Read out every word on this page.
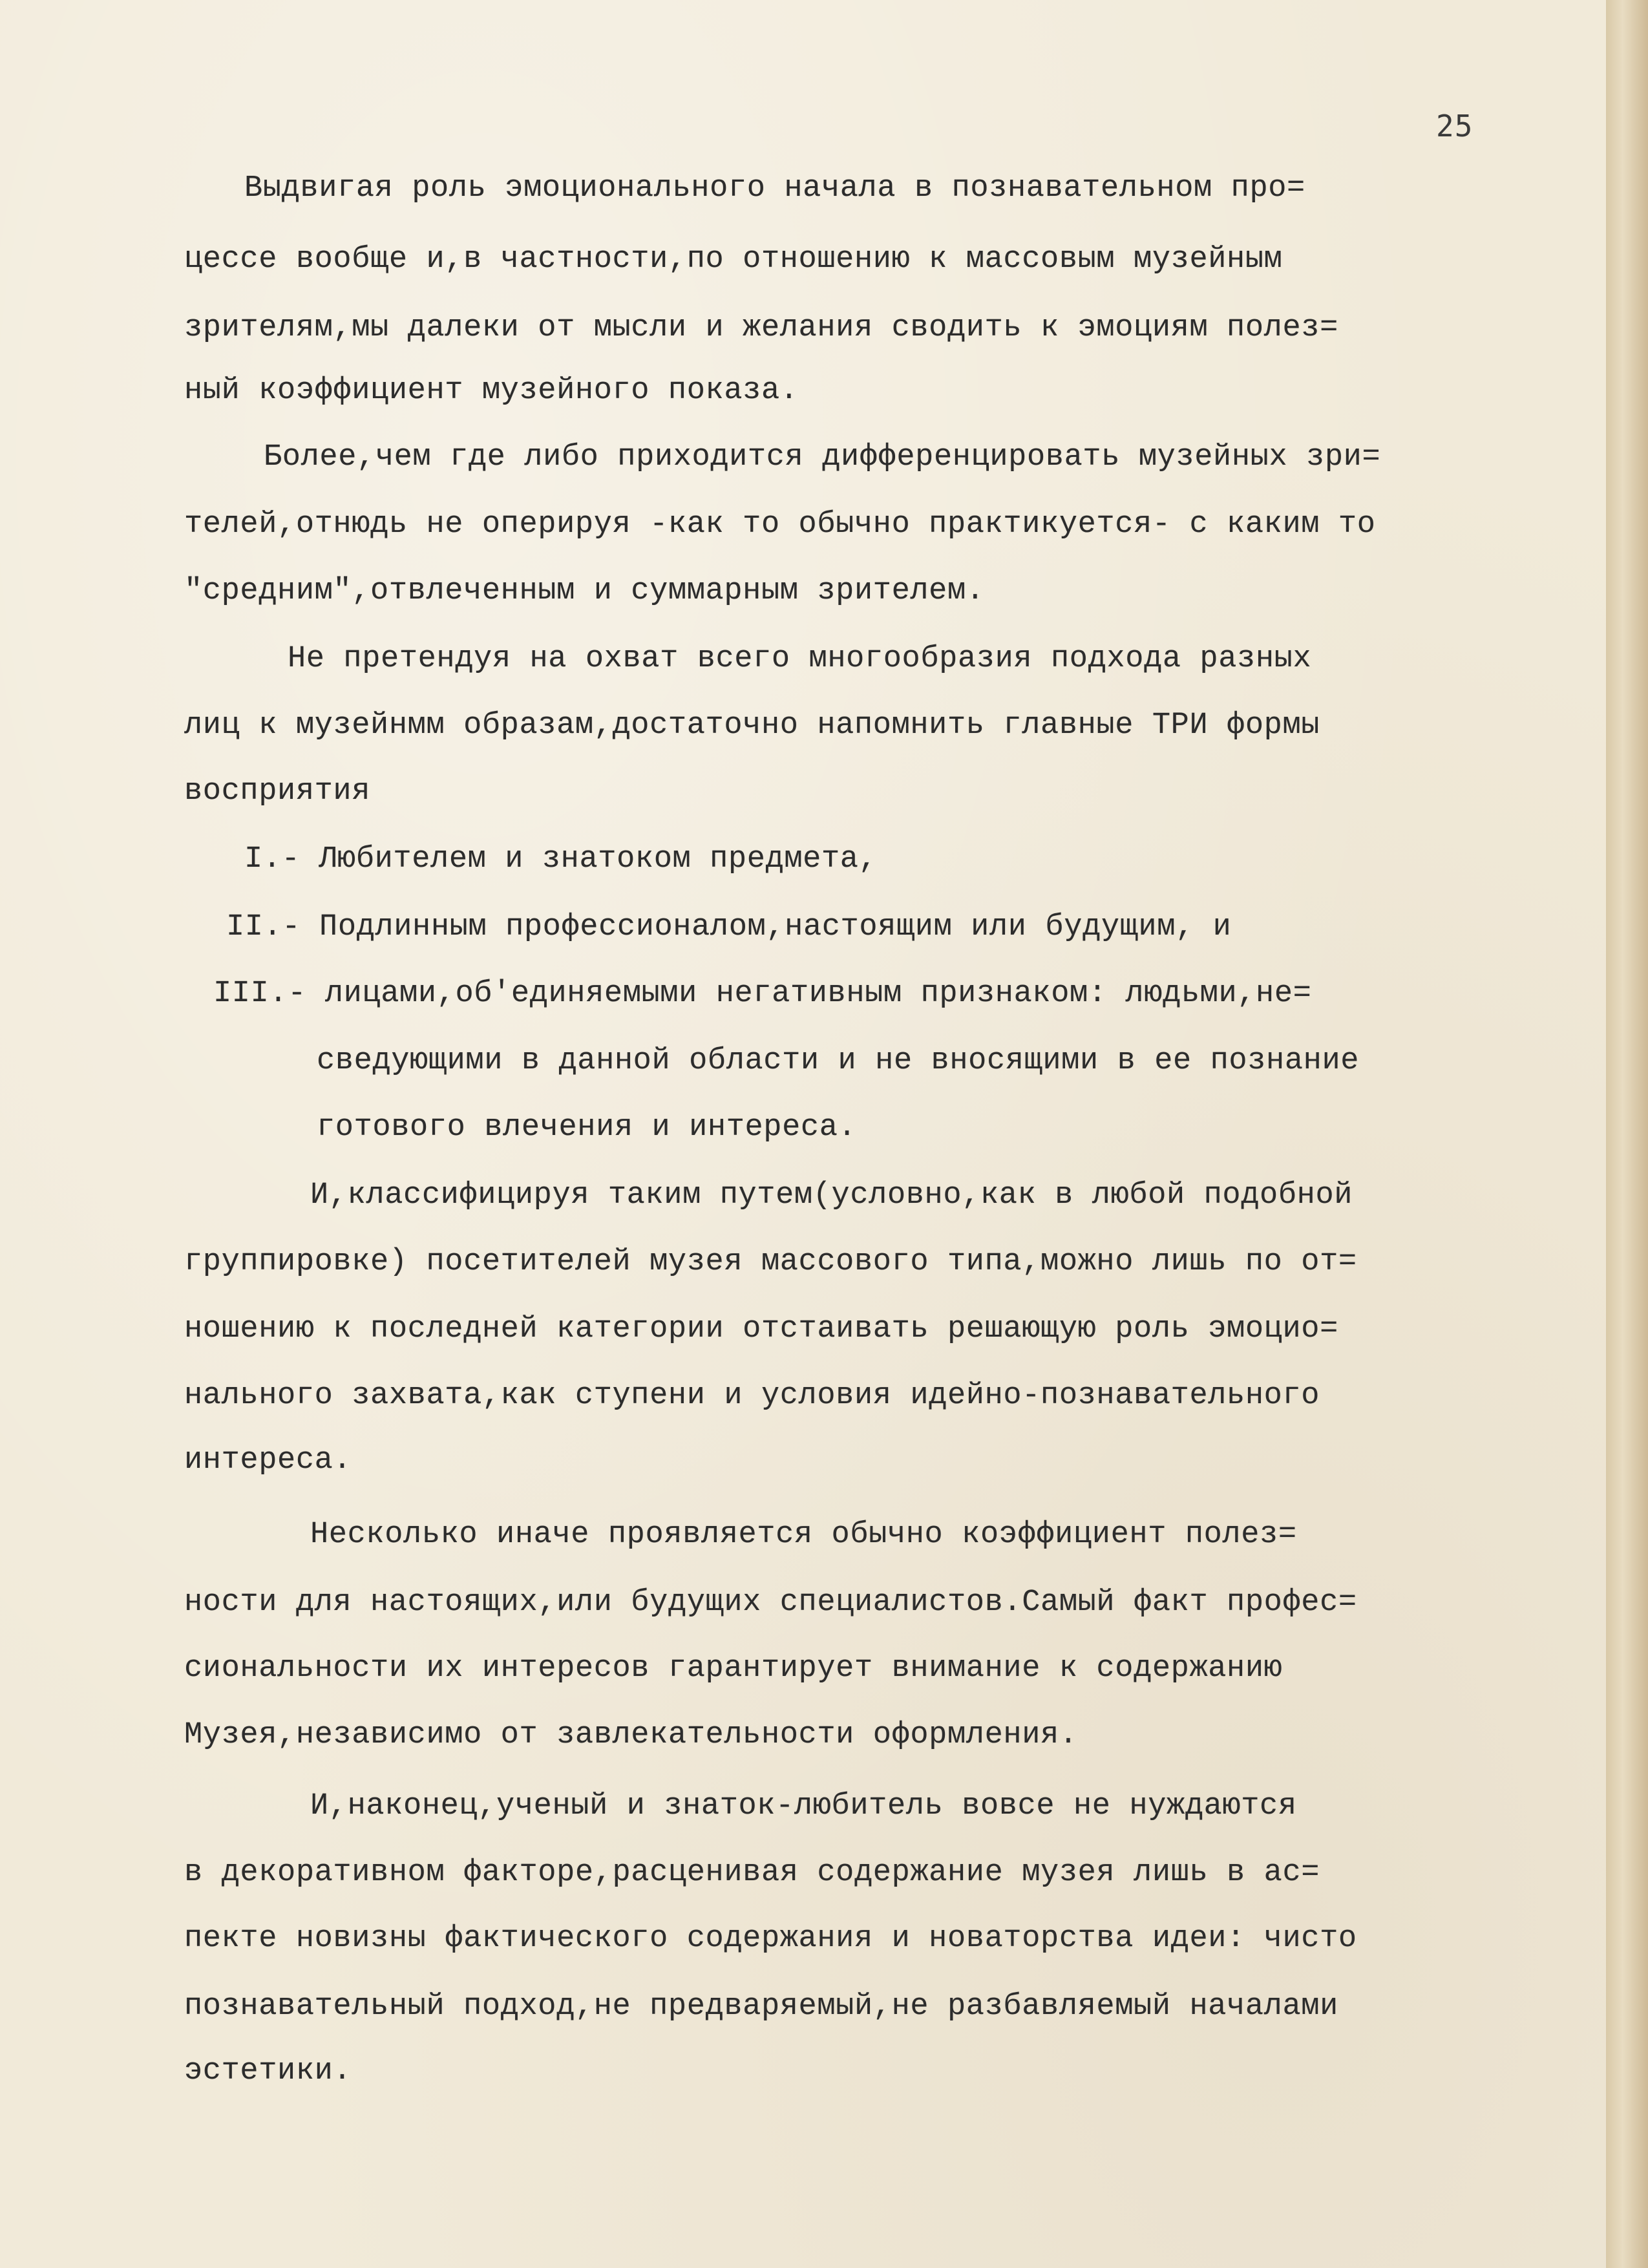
25
Выдвигая роль эмоционального начала в познавательном про=
цессе вообще и,в частности,по отношению к массовым музейным
зрителям,мы далеки от мысли и желания сводить к эмоциям полез=
ный коэффициент музейного показа.
Более,чем где либо приходится дифференцировать музейных зри=
телей,отнюдь не оперируя -как то обычно практикуется- с каким то
"средним",отвлеченным и суммарным зрителем.
Не претендуя на охват всего многообразия подхода разных
лиц к музейнмм образам,достаточно напомнить главные ТРИ формы
восприятия
I.- Любителем и знатоком предмета,
II.- Подлинным профессионалом,настоящим или будущим, и
III.- лицами,об'единяемыми негативным признаком: людьми,не=
сведующими в данной области и не вносящими в ее познание
готового влечения и интереса.
И,классифицируя таким путем(условно,как в любой подобной
группировке) посетителей музея массового типа,можно лишь по от=
ношению к последней категории отстаивать решающую роль эмоцио=
нального захвата,как ступени и условия идейно-познавательного
интереса.
Несколько иначе проявляется обычно коэффициент полез=
ности для настоящих,или будущих специалистов.Самый факт профес=
сиональности их интересов гарантирует внимание к содержанию
Музея,независимо от завлекательности оформления.
И,наконец,ученый и знаток-любитель вовсе не нуждаются
в декоративном факторе,расценивая содержание музея лишь в ас=
пекте новизны фактического содержания и новаторства идеи: чисто
познавательный подход,не предваряемый,не разбавляемый началами
эстетики.
